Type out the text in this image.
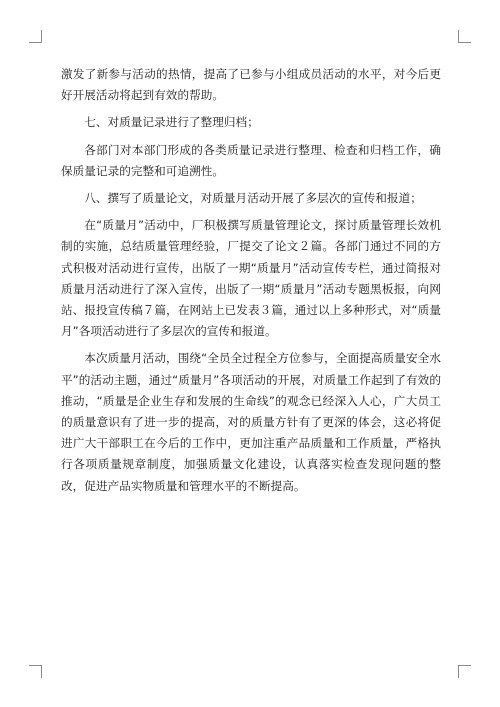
激发了新参与活动的热情，提高了已参与小组成员活动的水平，对今后更好开展活动将起到有效的帮助。

七、对质量记录进行了整理归档；

各部门对本部门形成的各类质量记录进行整理、检查和归档工作，确保质量记录的完整和可追溯性。

八、撰写了质量论文，对质量月活动开展了多层次的宣传和报道；

在“质量月”活动中，厂积极撰写质量管理论文，探讨质量管理长效机制的实施，总结质量管理经验，厂提交了论文２篇。各部门通过不同的方式积极对活动进行宣传，出版了一期“质量月”活动宣传专栏，通过简报对质量月活动进行了深入宣传，出版了一期“质量月”活动专题黑板报，向网站、报投宣传稿７篇，在网站上已发表３篇，通过以上多种形式，对“质量月”各项活动进行了多层次的宣传和报道。

本次质量月活动，围绕“全员全过程全方位参与，全面提高质量安全水平”的活动主题，通过“质量月”各项活动的开展，对质量工作起到了有效的推动，“质量是企业生存和发展的生命线”的观念已经深入人心，广大员工的质量意识有了进一步的提高，对的质量方针有了更深的体会，这必将促进广大干部职工在今后的工作中，更加注重产品质量和工作质量，严格执行各项质量规章制度，加强质量文化建设，认真落实检查发现问题的整改，促进产品实物质量和管理水平的不断提高。
